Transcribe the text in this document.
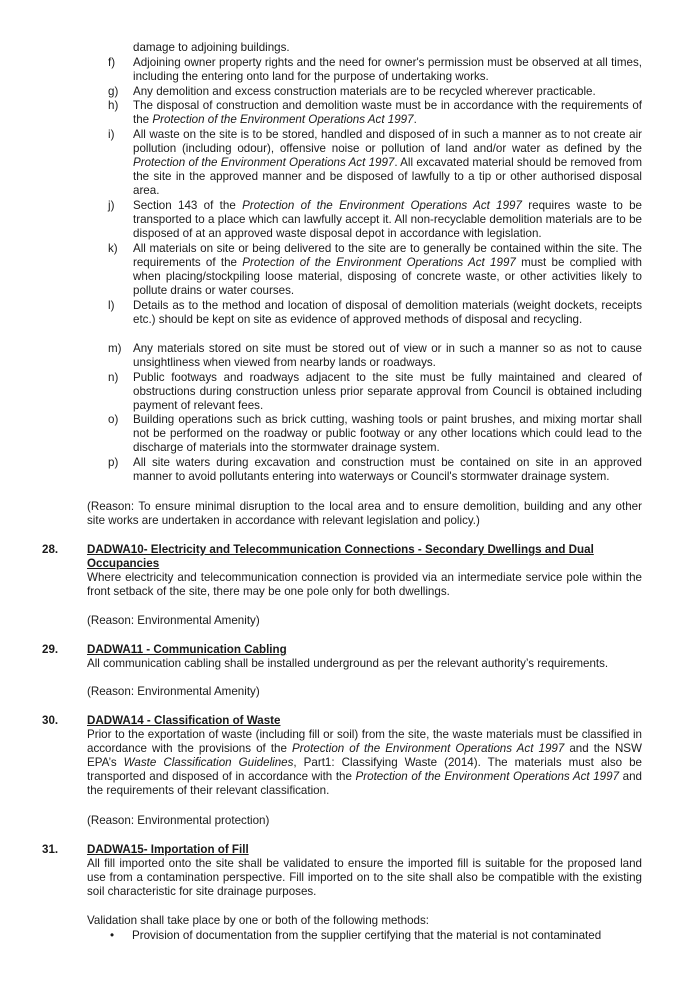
damage to adjoining buildings.
f)	Adjoining owner property rights and the need for owner's permission must be observed at all times, including the entering onto land for the purpose of undertaking works.
g)	Any demolition and excess construction materials are to be recycled wherever practicable.
h)	The disposal of construction and demolition waste must be in accordance with the requirements of the Protection of the Environment Operations Act 1997.
i)	All waste on the site is to be stored, handled and disposed of in such a manner as to not create air pollution (including odour), offensive noise or pollution of land and/or water as defined by the Protection of the Environment Operations Act 1997. All excavated material should be removed from the site in the approved manner and be disposed of lawfully to a tip or other authorised disposal area.
j)	Section 143 of the Protection of the Environment Operations Act 1997 requires waste to be transported to a place which can lawfully accept it. All non-recyclable demolition materials are to be disposed of at an approved waste disposal depot in accordance with legislation.
k)	All materials on site or being delivered to the site are to generally be contained within the site. The requirements of the Protection of the Environment Operations Act 1997 must be complied with when placing/stockpiling loose material, disposing of concrete waste, or other activities likely to pollute drains or water courses.
l)	Details as to the method and location of disposal of demolition materials (weight dockets, receipts etc.) should be kept on site as evidence of approved methods of disposal and recycling.
m) Any materials stored on site must be stored out of view or in such a manner so as not to cause unsightliness when viewed from nearby lands or roadways.
n)	Public footways and roadways adjacent to the site must be fully maintained and cleared of obstructions during construction unless prior separate approval from Council is obtained including payment of relevant fees.
o)	Building operations such as brick cutting, washing tools or paint brushes, and mixing mortar shall not be performed on the roadway or public footway or any other locations which could lead to the discharge of materials into the stormwater drainage system.
p)	All site waters during excavation and construction must be contained on site in an approved manner to avoid pollutants entering into waterways or Council's stormwater drainage system.
(Reason: To ensure minimal disruption to the local area and to ensure demolition, building and any other site works are undertaken in accordance with relevant legislation and policy.)
28. DADWA10- Electricity and Telecommunication Connections - Secondary Dwellings and Dual Occupancies
Where electricity and telecommunication connection is provided via an intermediate service pole within the front setback of the site, there may be one pole only for both dwellings.
(Reason: Environmental Amenity)
29. DADWA11 - Communication Cabling
All communication cabling shall be installed underground as per the relevant authority’s requirements.
(Reason: Environmental Amenity)
30. DADWA14 - Classification of Waste
Prior to the exportation of waste (including fill or soil) from the site, the waste materials must be classified in accordance with the provisions of the Protection of the Environment Operations Act 1997 and the NSW EPA’s Waste Classification Guidelines, Part1: Classifying Waste (2014). The materials must also be transported and disposed of in accordance with the Protection of the Environment Operations Act 1997 and the requirements of their relevant classification.
(Reason: Environmental protection)
31. DADWA15- Importation of Fill
All fill imported onto the site shall be validated to ensure the imported fill is suitable for the proposed land use from a contamination perspective. Fill imported on to the site shall also be compatible with the existing soil characteristic for site drainage purposes.
Validation shall take place by one or both of the following methods:
• Provision of documentation from the supplier certifying that the material is not contaminated
